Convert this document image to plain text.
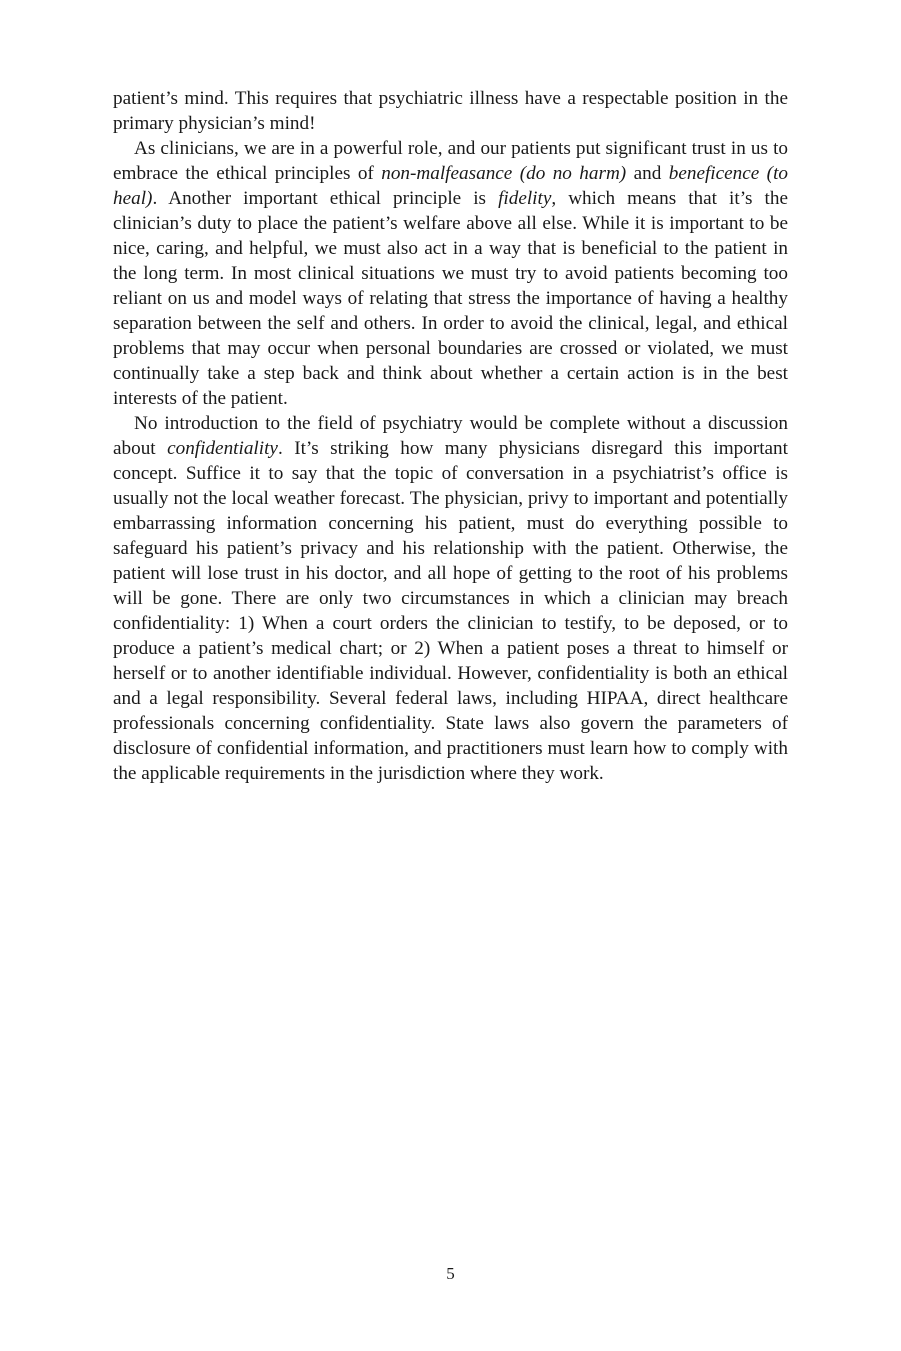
patient’s mind. This requires that psychiatric illness have a respectable position in the primary physician’s mind!

As clinicians, we are in a powerful role, and our patients put significant trust in us to embrace the ethical principles of non-malfeasance (do no harm) and beneficence (to heal). Another important ethical principle is fidelity, which means that it’s the clinician’s duty to place the patient’s welfare above all else. While it is important to be nice, caring, and helpful, we must also act in a way that is beneficial to the patient in the long term. In most clinical situations we must try to avoid patients becoming too reliant on us and model ways of relating that stress the importance of having a healthy separation between the self and others. In order to avoid the clinical, legal, and ethical problems that may occur when personal boundaries are crossed or violated, we must continually take a step back and think about whether a certain action is in the best interests of the patient.

No introduction to the field of psychiatry would be complete without a discussion about confidentiality. It’s striking how many physicians disregard this important concept. Suffice it to say that the topic of conversation in a psychiatrist’s office is usually not the local weather forecast. The physician, privy to important and potentially embarrassing information concerning his patient, must do everything possible to safeguard his patient’s privacy and his relationship with the patient. Otherwise, the patient will lose trust in his doctor, and all hope of getting to the root of his problems will be gone. There are only two circumstances in which a clinician may breach confidentiality: 1) When a court orders the clinician to testify, to be deposed, or to produce a patient’s medical chart; or 2) When a patient poses a threat to himself or herself or to another identifiable individual. However, confidentiality is both an ethical and a legal responsibility. Several federal laws, including HIPAA, direct healthcare professionals concerning confidentiality. State laws also govern the parameters of disclosure of confidential information, and practitioners must learn how to comply with the applicable requirements in the jurisdiction where they work.

5
